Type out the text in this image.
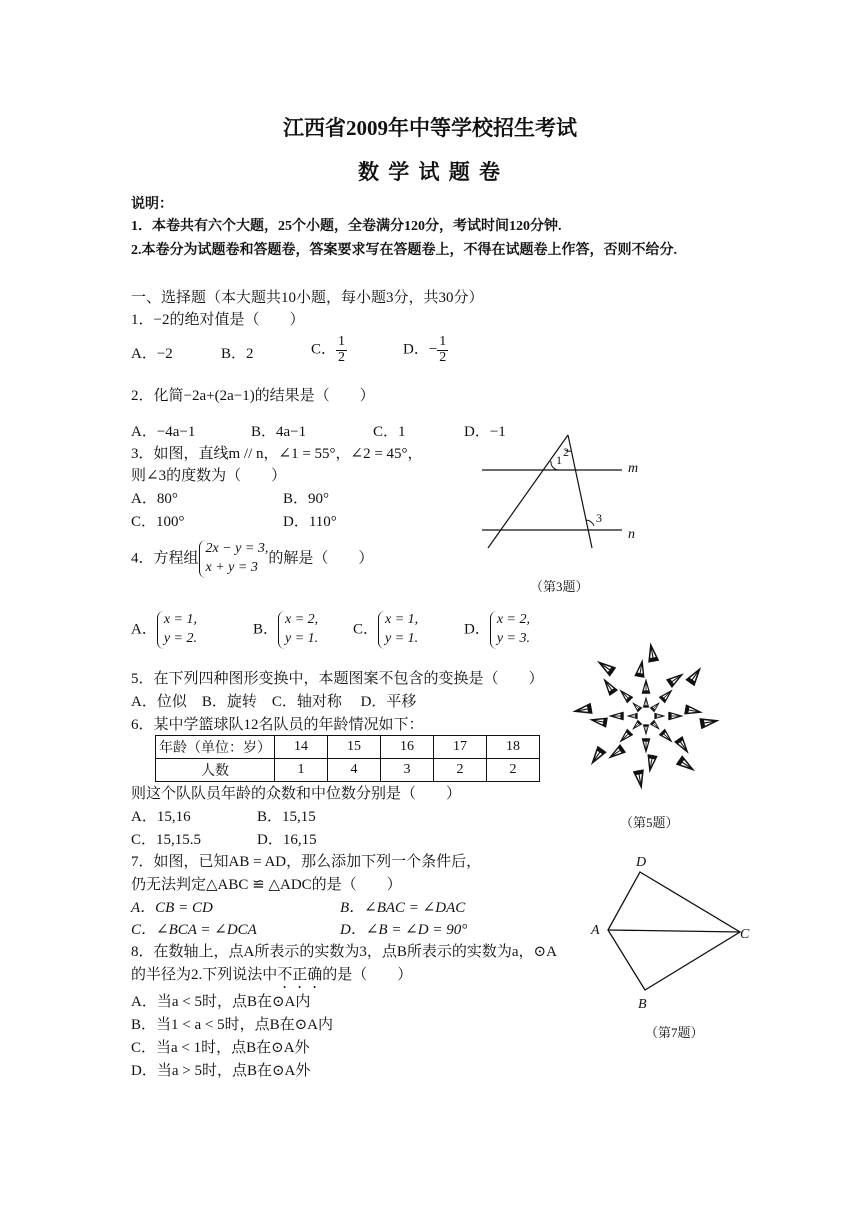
江西省2009年中等学校招生考试
数 学 试 题 卷
说明：
1．本卷共有六个大题，25个小题，全卷满分120分，考试时间120分钟.
2.本卷分为试题卷和答题卷，答案要求写在答题卷上，不得在试题卷上作答，否则不给分.
一、选择题（本大题共10小题，每小题3分，共30分）
1．−2的绝对值是（　　）
A．−2	B．2	C． $\frac{1}{2}$	D．− $\frac{1}{2}$
2．化简−2a+(2a−1)的结果是（　　）
A．−4a−1	B．4a−1	C．1	D．−1
3．如图，直线m // n，∠1 = 55°，∠2 = 45°，
则∠3的度数为（　　）
A．80°	B．90°
C．100°	D．110°
1
2
3
m
n
（第3题）
4．方程组
2x − y = 3,
x + y = 3
的解是（　　）
A．
x = 1,
y = 2.
B．
x = 2,
y = 1.
C．
x = 1,
y = 1.
D．
x = 2,
y = 3.
5．在下列四种图形变换中，本题图案不包含的变换是（　　）
A．位似　B．旋转　C．轴对称　 D．平移
（第5题）
6．某中学篮球队12名队员的年龄情况如下：
年龄（单位：岁）	14	15	16	17	18
人数	1	4	3	2	2
则这个队队员年龄的众数和中位数分别是（　　）
A．15,16	B．15,15
C．15,15.5	D．16,15
7．如图，已知AB = AD，那么添加下列一个条件后，
仍无法判定△ABC ≌ △ADC的是（　　）
A．CB = CD	B．∠BAC = ∠DAC
C．∠BCA = ∠DCA	D．∠B = ∠D = 90°
D
A	C
B
（第7题）
8．在数轴上，点A所表示的实数为3，点B所表示的实数为a，⊙A
的半径为2.下列说法中不正确的是（　　）
A．当a < 5时，点B在⊙A内
B．当1 < a < 5时，点B在⊙A内
C．当a < 1时，点B在⊙A外
D．当a > 5时，点B在⊙A外
